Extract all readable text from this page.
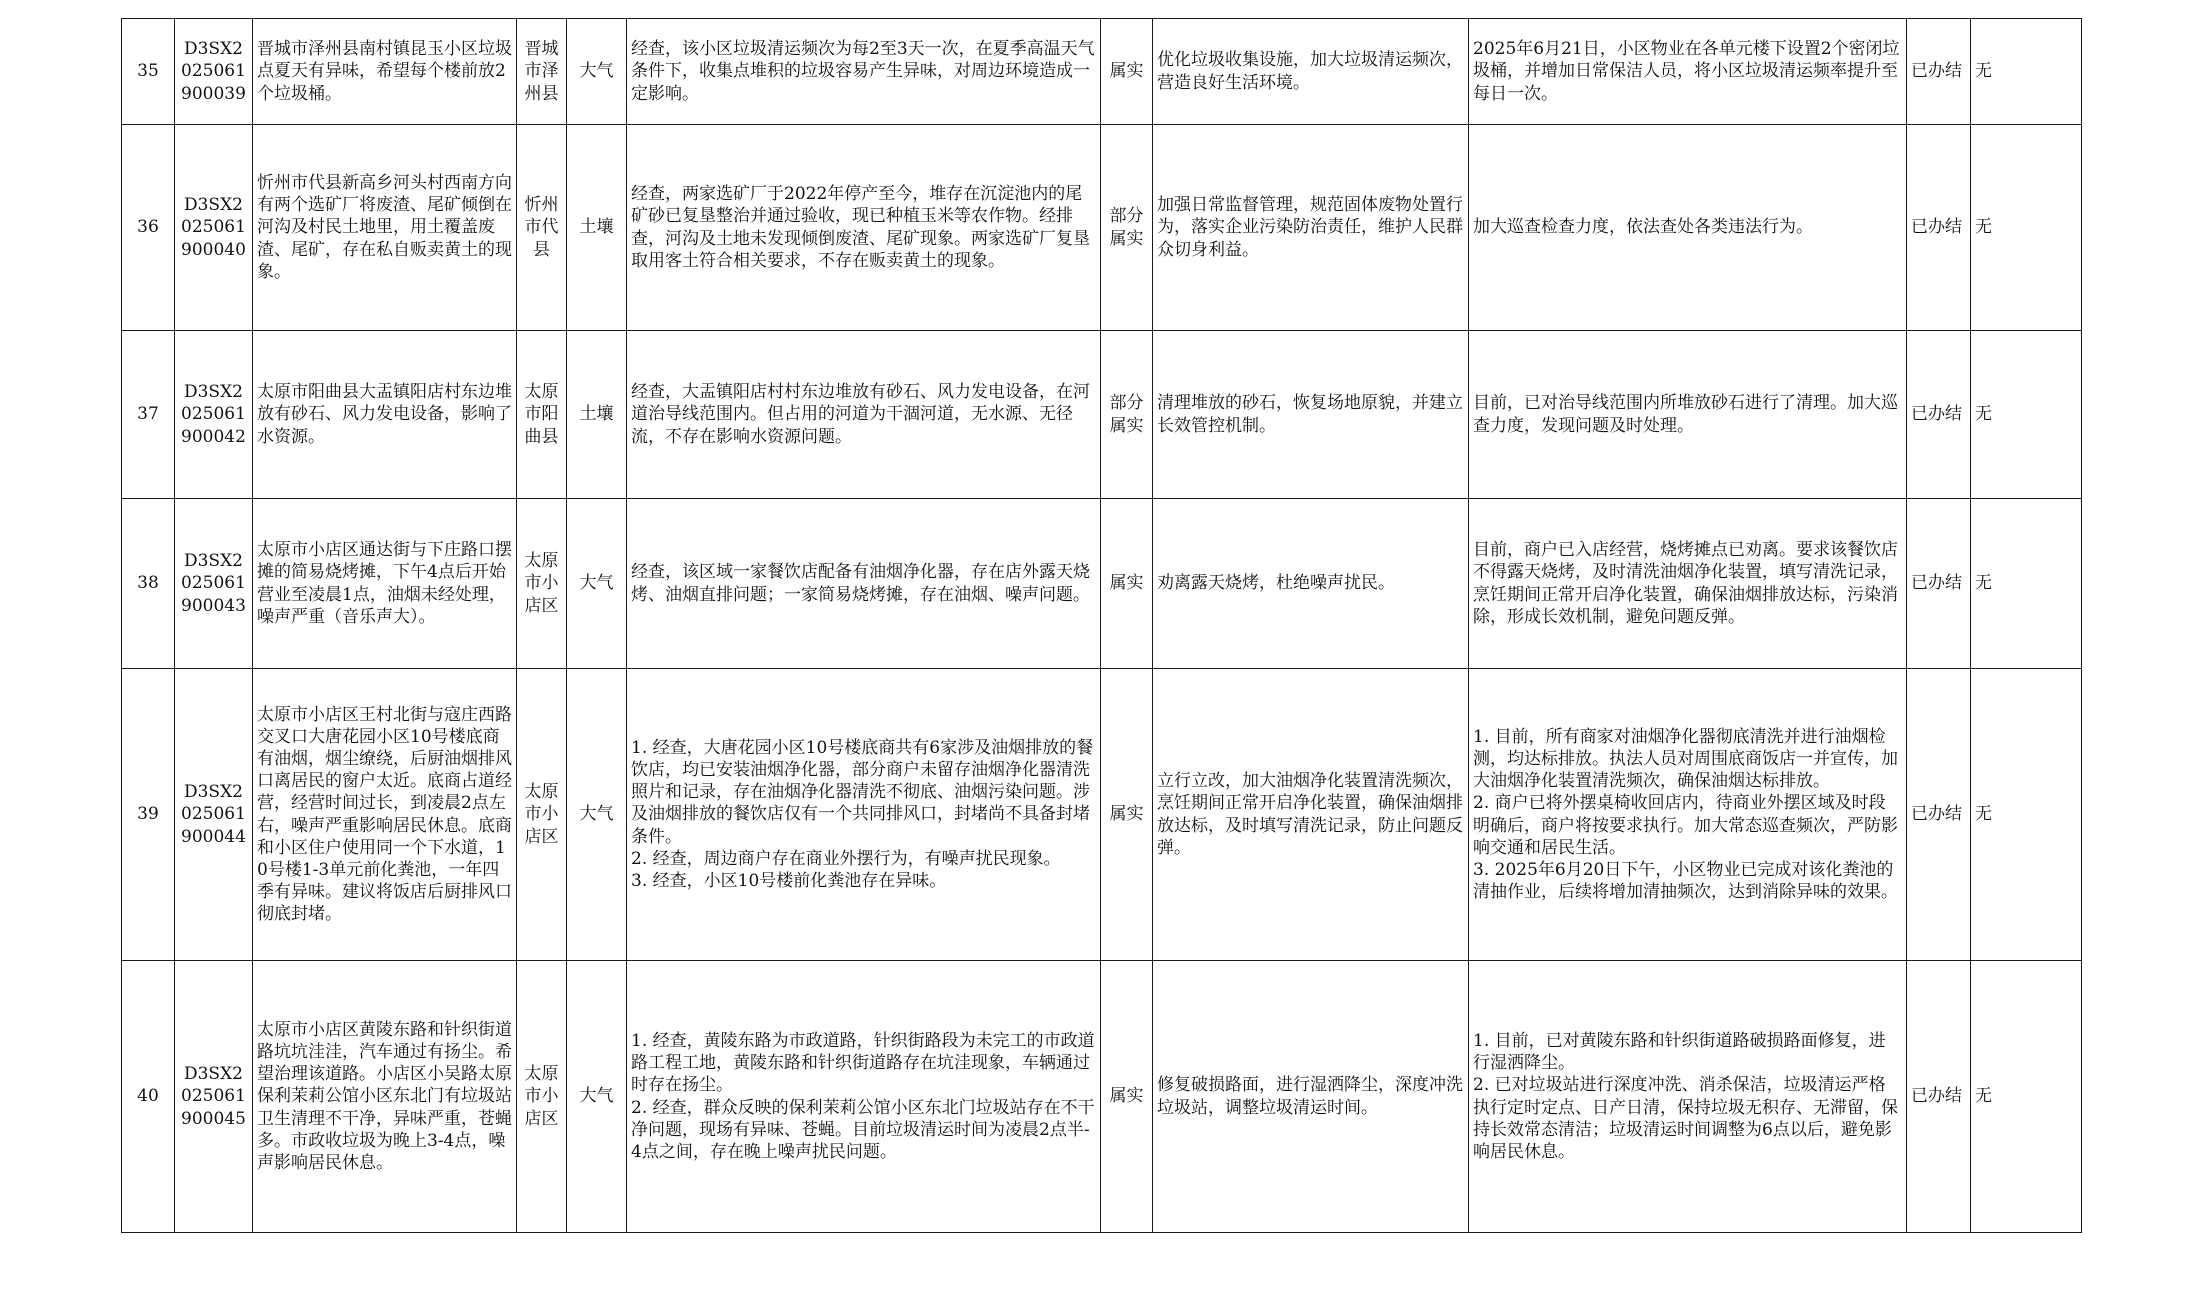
35	D3SX2025061900039	晋城市泽州县南村镇昆玉小区垃圾点夏天有异味，希望每个楼前放2个垃圾桶。	晋城市泽州县	大气	经查，该小区垃圾清运频次为每2至3天一次，在夏季高温天气条件下，收集点堆积的垃圾容易产生异味，对周边环境造成一定影响。	属实	优化垃圾收集设施，加大垃圾清运频次，营造良好生活环境。	2025年6月21日，小区物业在各单元楼下设置2个密闭垃圾桶，并增加日常保洁人员，将小区垃圾清运频率提升至每日一次。	已办结	无
36	D3SX2025061900040	忻州市代县新高乡河头村西南方向有两个选矿厂将废渣、尾矿倾倒在河沟及村民土地里，用土覆盖废渣、尾矿，存在私自贩卖黄土的现象。	忻州市代县	土壤	经查，两家选矿厂于2022年停产至今，堆存在沉淀池内的尾矿砂已复垦整治并通过验收，现已种植玉米等农作物。经排查，河沟及土地未发现倾倒废渣、尾矿现象。两家选矿厂复垦取用客土符合相关要求，不存在贩卖黄土的现象。	部分属实	加强日常监督管理，规范固体废物处置行为，落实企业污染防治责任，维护人民群众切身利益。	加大巡查检查力度，依法查处各类违法行为。	已办结	无
37	D3SX2025061900042	太原市阳曲县大盂镇阳店村东边堆放有砂石、风力发电设备，影响了水资源。	太原市阳曲县	土壤	经查，大盂镇阳店村村东边堆放有砂石、风力发电设备，在河道治导线范围内。但占用的河道为干涸河道，无水源、无径流，不存在影响水资源问题。	部分属实	清理堆放的砂石，恢复场地原貌，并建立长效管控机制。	目前，已对治导线范围内所堆放砂石进行了清理。加大巡查力度，发现问题及时处理。	已办结	无
38	D3SX2025061900043	太原市小店区通达街与下庄路口摆摊的简易烧烤摊，下午4点后开始营业至凌晨1点，油烟未经处理，噪声严重（音乐声大）。	太原市小店区	大气	经查，该区域一家餐饮店配备有油烟净化器，存在店外露天烧烤、油烟直排问题；一家简易烧烤摊，存在油烟、噪声问题。	属实	劝离露天烧烤，杜绝噪声扰民。	目前，商户已入店经营，烧烤摊点已劝离。要求该餐饮店不得露天烧烤，及时清洗油烟净化装置，填写清洗记录，烹饪期间正常开启净化装置，确保油烟排放达标，污染消除，形成长效机制，避免问题反弹。	已办结	无
39	D3SX2025061900044	太原市小店区王村北街与寇庄西路交叉口大唐花园小区10号楼底商有油烟，烟尘缭绕，后厨油烟排风口离居民的窗户太近。底商占道经营，经营时间过长，到凌晨2点左右，噪声严重影响居民休息。底商和小区住户使用同一个下水道，10号楼1-3单元前化粪池，一年四季有异味。建议将饭店后厨排风口彻底封堵。	太原市小店区	大气	1. 经查，大唐花园小区10号楼底商共有6家涉及油烟排放的餐饮店，均已安装油烟净化器，部分商户未留存油烟净化器清洗照片和记录，存在油烟净化器清洗不彻底、油烟污染问题。涉及油烟排放的餐饮店仅有一个共同排风口，封堵尚不具备封堵条件。
2. 经查，周边商户存在商业外摆行为，有噪声扰民现象。
3. 经查，小区10号楼前化粪池存在异味。	属实	立行立改，加大油烟净化装置清洗频次，烹饪期间正常开启净化装置，确保油烟排放达标，及时填写清洗记录，防止问题反弹。	1. 目前，所有商家对油烟净化器彻底清洗并进行油烟检测，均达标排放。执法人员对周围底商饭店一并宣传，加大油烟净化装置清洗频次，确保油烟达标排放。
2. 商户已将外摆桌椅收回店内，待商业外摆区域及时段明确后，商户将按要求执行。加大常态巡查频次，严防影响交通和居民生活。
3. 2025年6月20日下午，小区物业已完成对该化粪池的清抽作业，后续将增加清抽频次，达到消除异味的效果。	已办结	无
40	D3SX2025061900045	太原市小店区黄陵东路和针织街道路坑坑洼洼，汽车通过有扬尘。希望治理该道路。小店区小吴路太原保利茉莉公馆小区东北门有垃圾站卫生清理不干净，异味严重，苍蝇多。市政收垃圾为晚上3-4点，噪声影响居民休息。	太原市小店区	大气	1. 经查，黄陵东路为市政道路，针织街路段为未完工的市政道路工程工地，黄陵东路和针织街道路存在坑洼现象，车辆通过时存在扬尘。
2. 经查，群众反映的保利茉莉公馆小区东北门垃圾站存在不干净问题，现场有异味、苍蝇。目前垃圾清运时间为凌晨2点半-4点之间，存在晚上噪声扰民问题。	属实	修复破损路面，进行湿洒降尘，深度冲洗垃圾站，调整垃圾清运时间。	1. 目前，已对黄陵东路和针织街道路破损路面修复，进行湿洒降尘。
2. 已对垃圾站进行深度冲洗、消杀保洁，垃圾清运严格执行定时定点、日产日清，保持垃圾无积存、无滞留，保持长效常态清洁；垃圾清运时间调整为6点以后，避免影响居民休息。	已办结	无
